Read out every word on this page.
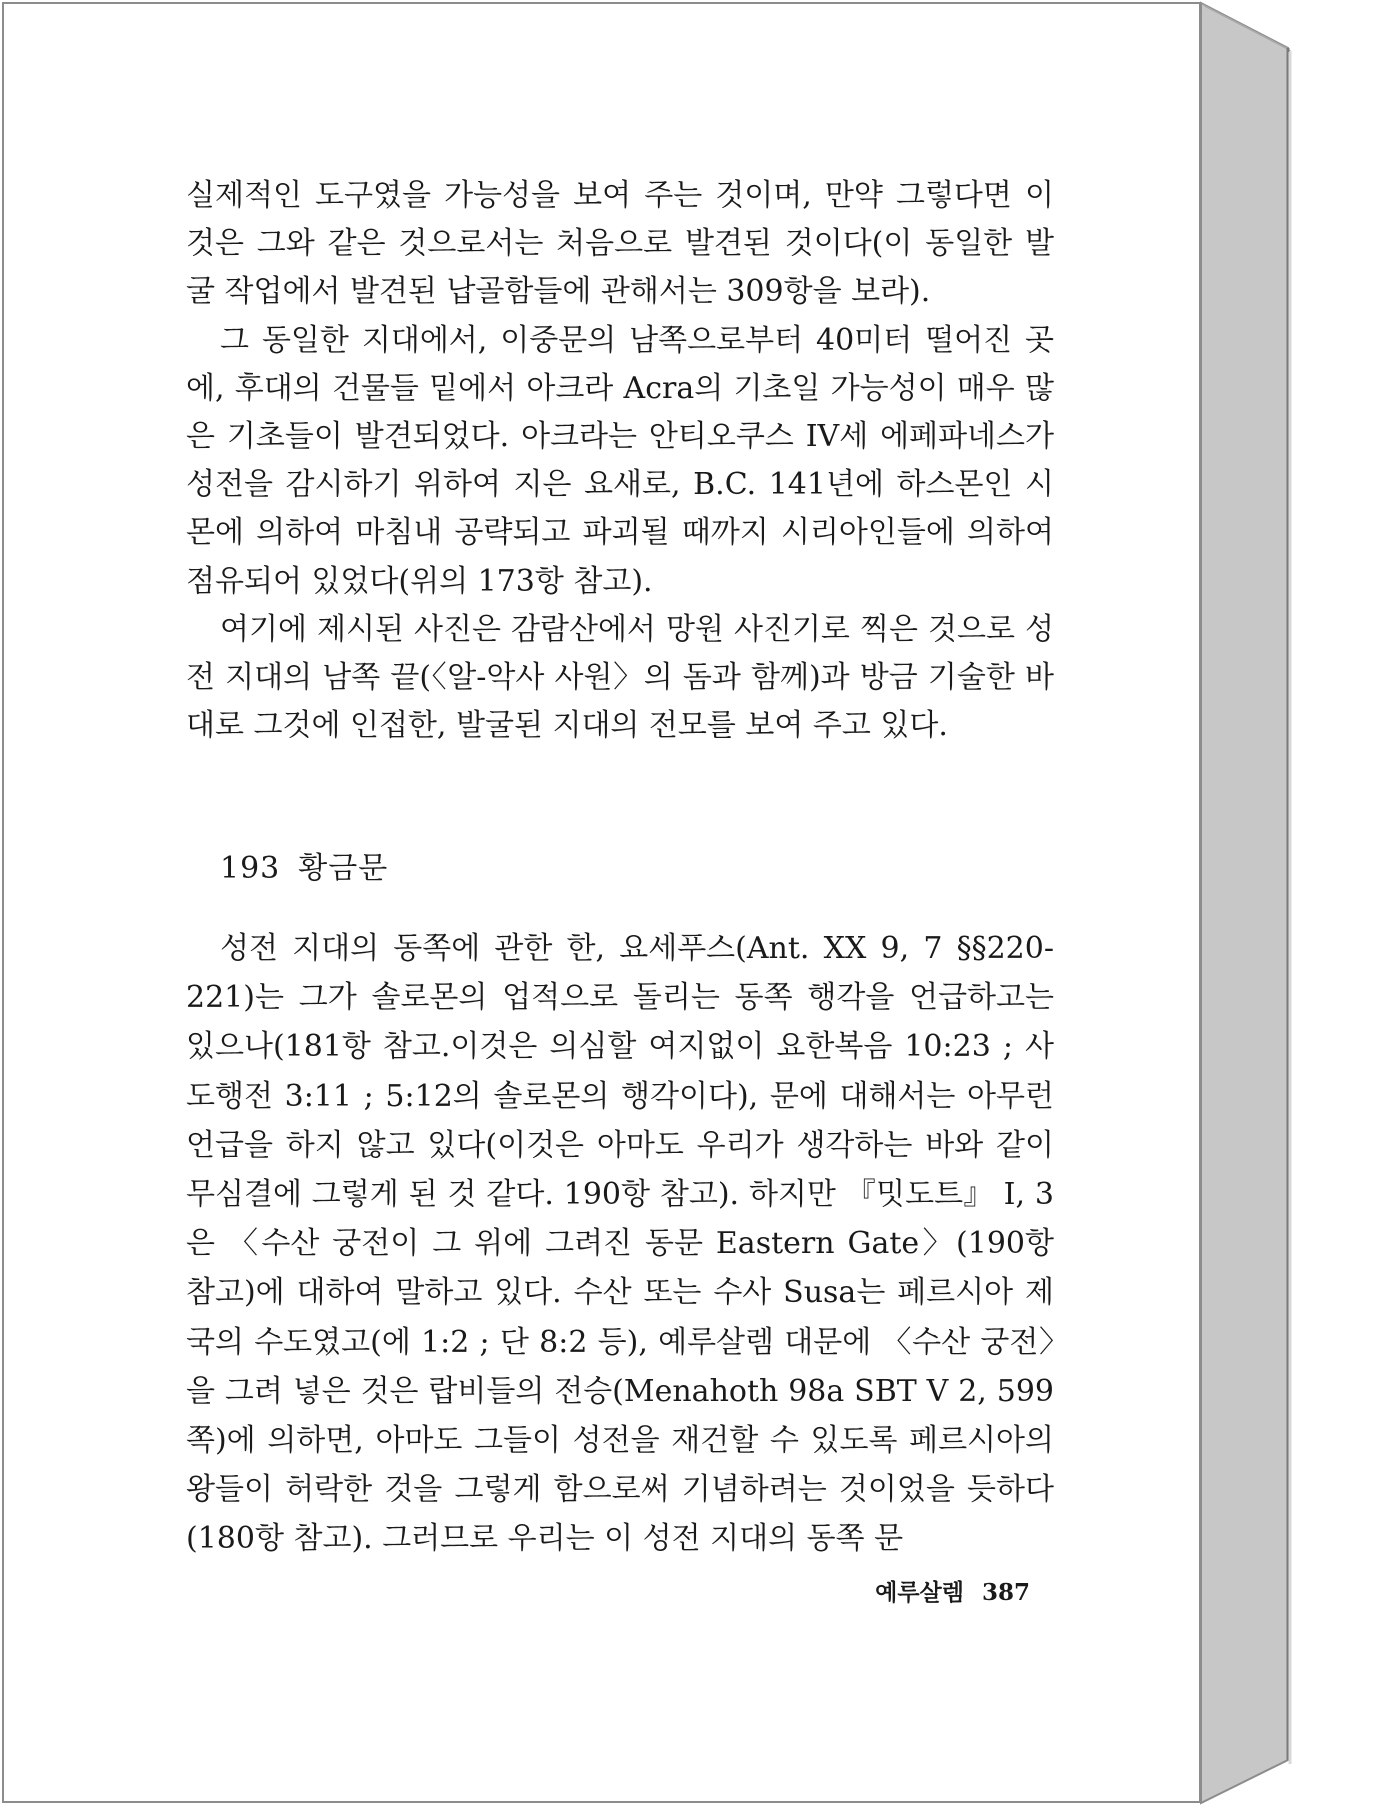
실제적인 도구였을 가능성을 보여 주는 것이며, 만약 그렇다면 이것은 그와 같은 것으로서는 처음으로 발견된 것이다(이 동일한 발굴 작업에서 발견된 납골함들에 관해서는 309항을 보라).

그 동일한 지대에서, 이중문의 남쪽으로부터 40미터 떨어진 곳에, 후대의 건물들 밑에서 아크라 Acra의 기초일 가능성이 매우 많은 기초들이 발견되었다. 아크라는 안티오쿠스 IV세 에페파네스가 성전을 감시하기 위하여 지은 요새로, B.C. 141년에 하스몬인 시몬에 의하여 마침내 공략되고 파괴될 때까지 시리아인들에 의하여 점유되어 있었다(위의 173항 참고).

여기에 제시된 사진은 감람산에서 망원 사진기로 찍은 것으로 성전 지대의 남쪽 끝(〈알-악사 사원〉의 돔과 함께)과 방금 기술한 바대로 그것에 인접한, 발굴된 지대의 전모를 보여 주고 있다.

193 황금문

성전 지대의 동쪽에 관한 한, 요세푸스(Ant. XX 9, 7 §§220-221)는 그가 솔로몬의 업적으로 돌리는 동쪽 행각을 언급하고는 있으나(181항 참고.이것은 의심할 여지없이 요한복음 10:23 ; 사도행전 3:11 ; 5:12의 솔로몬의 행각이다), 문에 대해서는 아무런 언급을 하지 않고 있다(이것은 아마도 우리가 생각하는 바와 같이 무심결에 그렇게 된 것 같다. 190항 참고). 하지만 『밋도트』 I, 3은 〈수산 궁전이 그 위에 그려진 동문 Eastern Gate〉(190항 참고)에 대하여 말하고 있다. 수산 또는 수사 Susa는 페르시아 제국의 수도였고(에 1:2 ; 단 8:2 등), 예루살렘 대문에 〈수산 궁전〉을 그려 넣은 것은 랍비들의 전승(Menahoth 98a SBT V 2, 599쪽)에 의하면, 아마도 그들이 성전을 재건할 수 있도록 페르시아의 왕들이 허락한 것을 그렇게 함으로써 기념하려는 것이었을 듯하다(180항 참고). 그러므로 우리는 이 성전 지대의 동쪽 문

예루살렘 387
